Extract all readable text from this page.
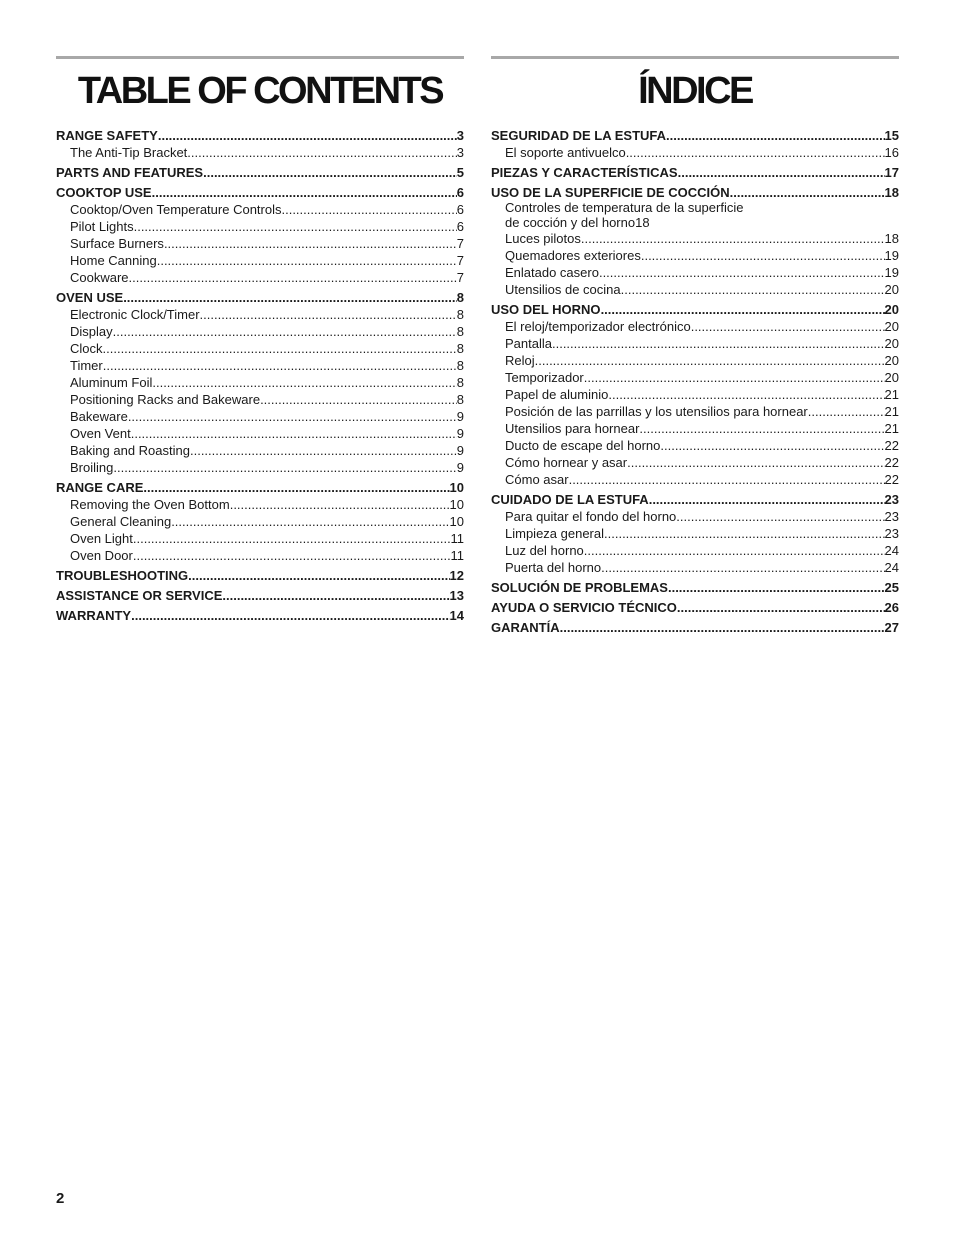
TABLE OF CONTENTS
RANGE SAFETY .....	3
The Anti-Tip Bracket .....	3
PARTS AND FEATURES .....	5
COOKTOP USE .....	6
Cooktop/Oven Temperature Controls .....	6
Pilot Lights .....	6
Surface Burners .....	7
Home Canning .....	7
Cookware .....	7
OVEN USE .....	8
Electronic Clock/Timer .....	8
Display .....	8
Clock .....	8
Timer .....	8
Aluminum Foil .....	8
Positioning Racks and Bakeware .....	8
Bakeware .....	9
Oven Vent .....	9
Baking and Roasting .....	9
Broiling .....	9
RANGE CARE .....	10
Removing the Oven Bottom .....	10
General Cleaning .....	10
Oven Light .....	11
Oven Door .....	11
TROUBLESHOOTING .....	12
ASSISTANCE OR SERVICE .....	13
WARRANTY .....	14
ÍNDICE
SEGURIDAD DE LA ESTUFA .....	15
El soporte antivuelco .....	16
PIEZAS Y CARACTERÍSTICAS .....	17
USO DE LA SUPERFICIE DE COCCIÓN .....	18
Controles de temperatura de la superficie
de cocción y del horno 18
Luces pilotos .....	18
Quemadores exteriores .....	19
Enlatado casero .....	19
Utensilios de cocina .....	20
USO DEL HORNO .....	20
El reloj/temporizador electrónico .....	20
Pantalla .....	20
Reloj .....	20
Temporizador .....	20
Papel de aluminio .....	21
Posición de las parrillas y los utensilios para hornear .....	21
Utensilios para hornear .....	21
Ducto de escape del horno .....	22
Cómo hornear y asar .....	22
Cómo asar .....	22
CUIDADO DE LA ESTUFA .....	23
Para quitar el fondo del horno .....	23
Limpieza general .....	23
Luz del horno .....	24
Puerta del horno .....	24
SOLUCIÓN DE PROBLEMAS .....	25
AYUDA O SERVICIO TÉCNICO .....	26
GARANTÍA .....	27
2
